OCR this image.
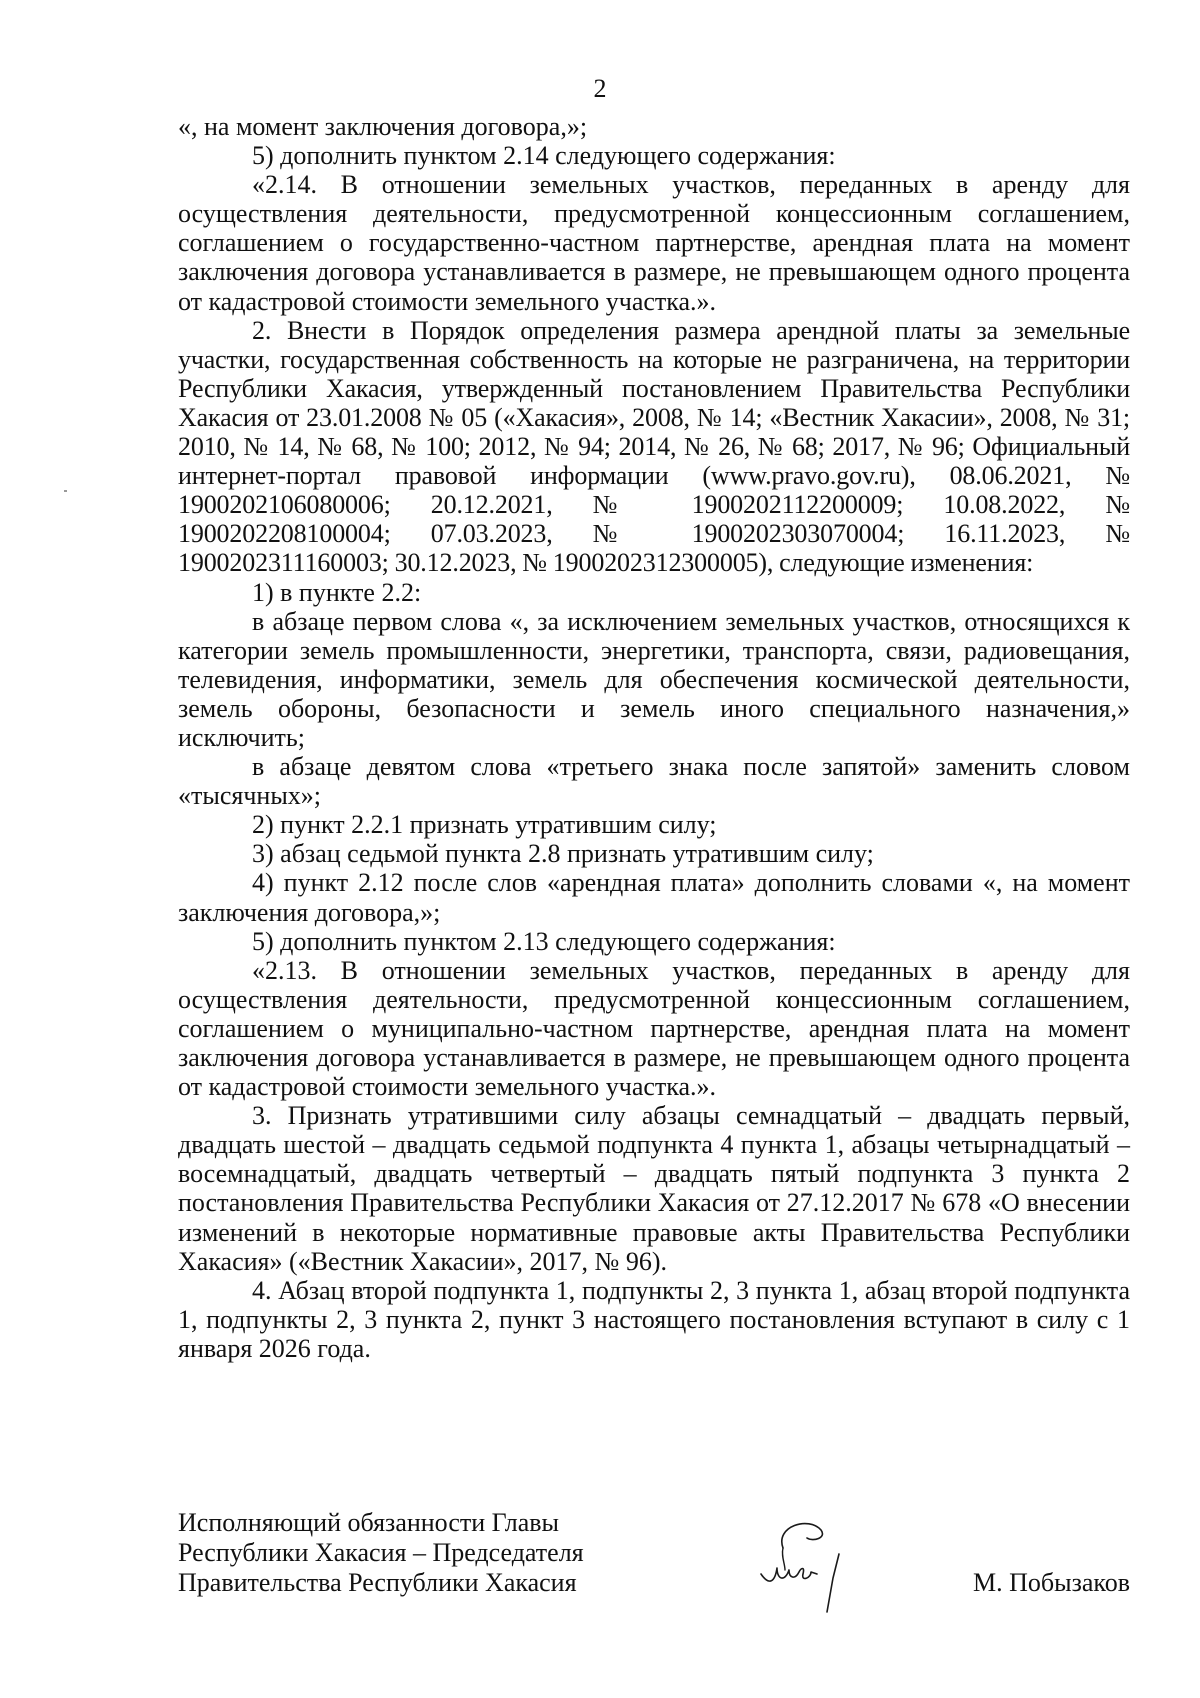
2

«, на момент заключения договора,»;

5) дополнить пунктом 2.14 следующего содержания:

«2.14. В отношении земельных участков, переданных в аренду для осуществления деятельности, предусмотренной концессионным соглашением, соглашением о государственно-частном партнерстве, арендная плата на момент заключения договора устанавливается в размере, не превышающем одного процента от кадастровой стоимости земельного участка.».

2. Внести в Порядок определения размера арендной платы за земельные участки, государственная собственность на которые не разграничена, на территории Республики Хакасия, утвержденный постановлением Правительства Республики Хакасия от 23.01.2008 № 05 («Хакасия», 2008, № 14; «Вестник Хакасии», 2008, № 31; 2010, № 14, № 68, № 100; 2012, № 94; 2014, № 26, № 68; 2017, № 96; Официальный интернет-портал правовой информации (www.pravo.gov.ru), 08.06.2021, № 1900202106080006; 20.12.2021, № 1900202112200009; 10.08.2022, № 1900202208100004; 07.03.2023, № 1900202303070004; 16.11.2023, № 1900202311160003; 30.12.2023, № 1900202312300005), следующие изменения:

1) в пункте 2.2:

в абзаце первом слова «, за исключением земельных участков, относящихся к категории земель промышленности, энергетики, транспорта, связи, радиовещания, телевидения, информатики, земель для обеспечения космической деятельности, земель обороны, безопасности и земель иного специального назначения,» исключить;

в абзаце девятом слова «третьего знака после запятой» заменить словом «тысячных»;

2) пункт 2.2.1 признать утратившим силу;

3) абзац седьмой пункта 2.8 признать утратившим силу;

4) пункт 2.12 после слов «арендная плата» дополнить словами «, на момент заключения договора,»;

5) дополнить пунктом 2.13 следующего содержания:

«2.13. В отношении земельных участков, переданных в аренду для осуществления деятельности, предусмотренной концессионным соглашением, соглашением о муниципально-частном партнерстве, арендная плата на момент заключения договора устанавливается в размере, не превышающем одного процента от кадастровой стоимости земельного участка.».

3. Признать утратившими силу абзацы семнадцатый – двадцать первый, двадцать шестой – двадцать седьмой подпункта 4 пункта 1, абзацы четырнадцатый – восемнадцатый, двадцать четвертый – двадцать пятый подпункта 3 пункта 2 постановления Правительства Республики Хакасия от 27.12.2017 № 678 «О внесении изменений в некоторые нормативные правовые акты Правительства Республики Хакасия» («Вестник Хакасии», 2017, № 96).

4. Абзац второй подпункта 1, подпункты 2, 3 пункта 1, абзац второй подпункта 1, подпункты 2, 3 пункта 2, пункт 3 настоящего постановления вступают в силу с 1 января 2026 года.

Исполняющий обязанности Главы
Республики Хакасия – Председателя
Правительства Республики Хакасия	М. Побызаков
